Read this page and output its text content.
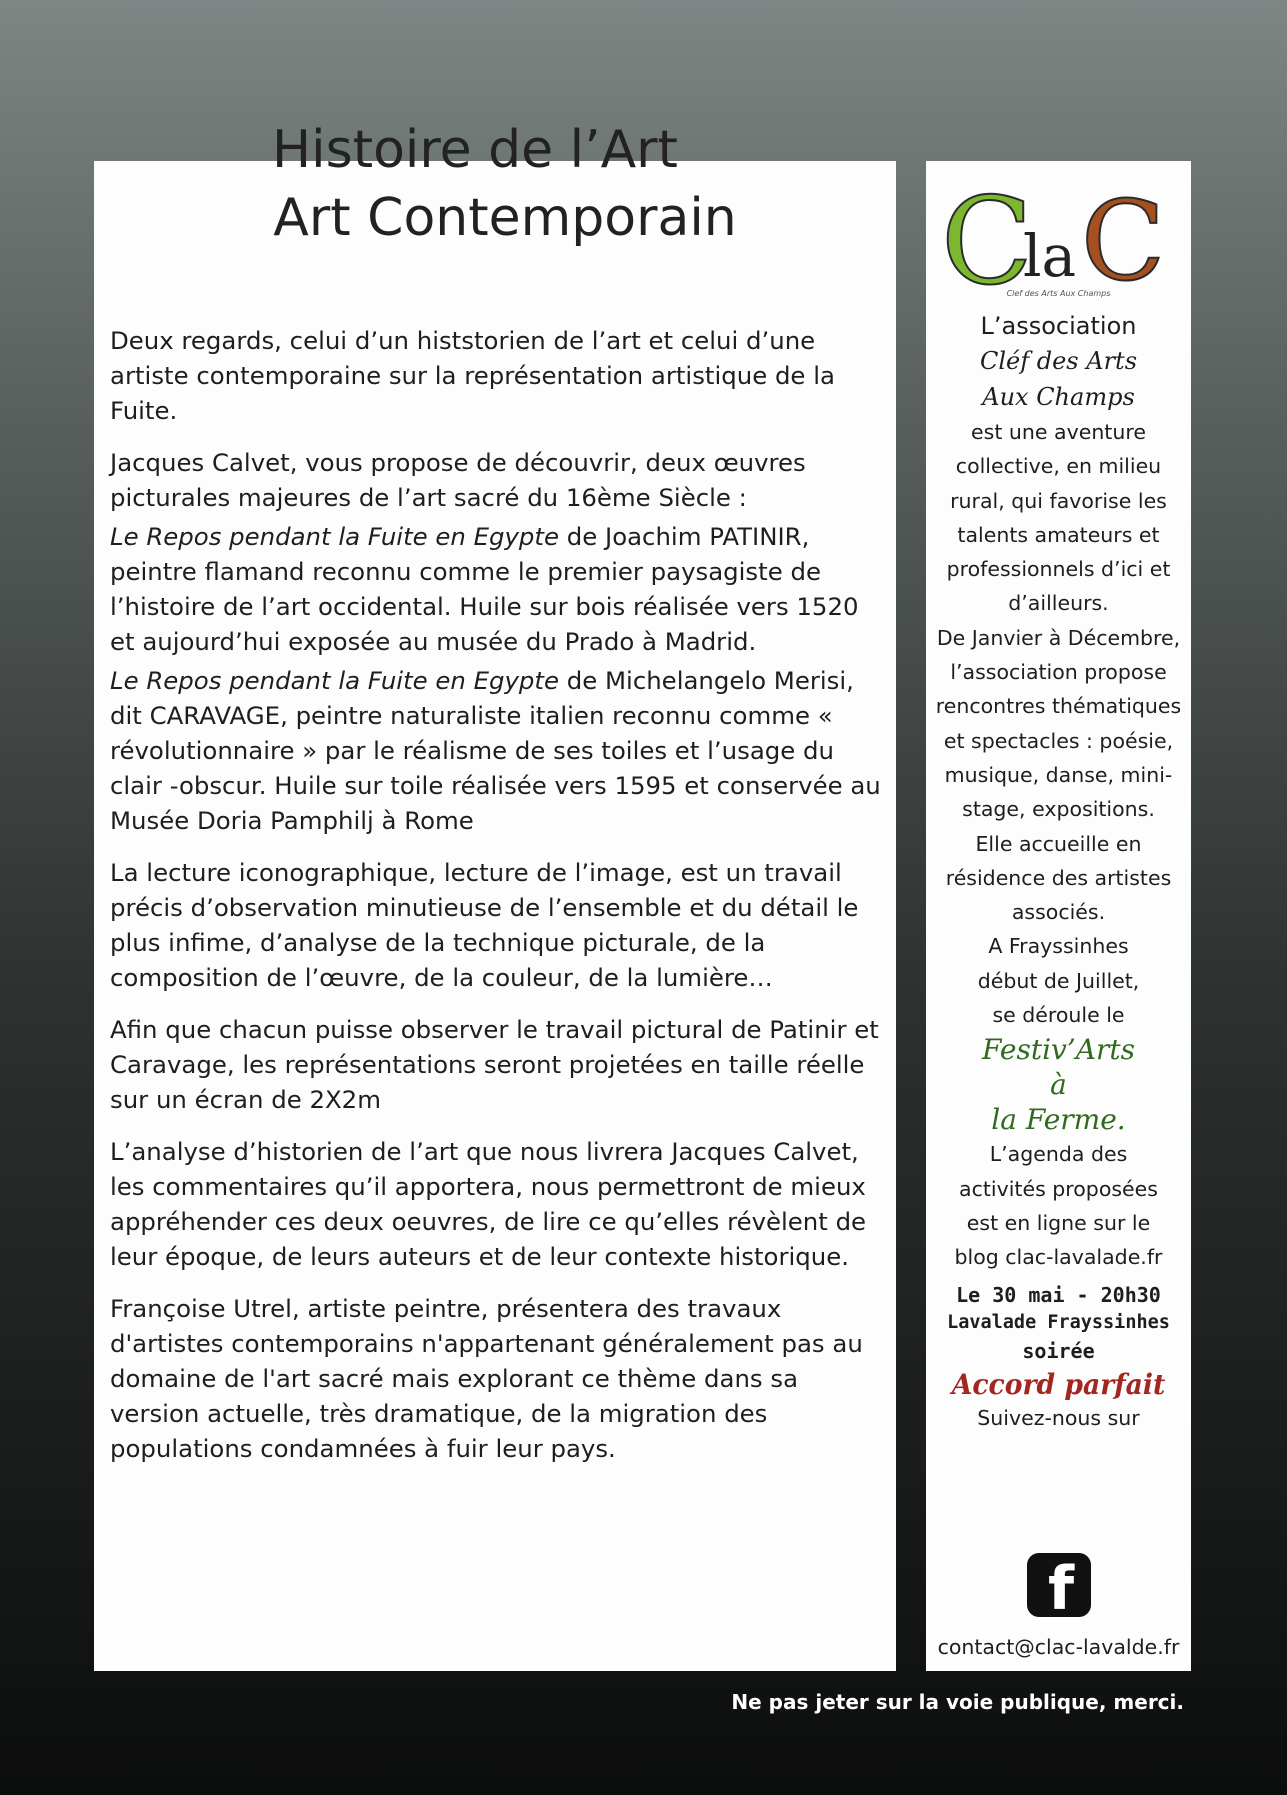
Histoire de l’Art
Art Contemporain

Deux regards, celui d’un histstorien de l’art et celui d’une artiste contemporaine sur la représentation artistique de la Fuite.

Jacques Calvet, vous propose de découvrir, deux œuvres picturales majeures de l’art sacré du 16ème Siècle :

Le Repos pendant la Fuite en Egypte de Joachim PATINIR, peintre flamand reconnu comme le premier paysagiste de l’histoire de l’art occidental. Huile sur bois réalisée vers 1520 et aujourd’hui exposée au musée du Prado à Madrid.

Le Repos pendant la Fuite en Egypte de Michelangelo Merisi, dit CARAVAGE, peintre naturaliste italien reconnu comme « révolutionnaire » par le réalisme de ses toiles et l’usage du clair -obscur. Huile sur toile réalisée vers 1595 et conservée au Musée Doria Pamphilj à Rome

La lecture iconographique, lecture de l’image, est un travail précis d’observation minutieuse de l’ensemble et du détail le plus infime, d’analyse de la technique picturale, de la composition de l’œuvre, de la couleur, de la lumière…

Afin que chacun puisse observer le travail pictural de Patinir et Caravage, les représentations seront projetées en taille réelle sur un écran de 2X2m

L’analyse d’historien de l’art que nous livrera Jacques Calvet, les commentaires qu’il apportera, nous permettront de mieux appréhender ces deux oeuvres, de lire ce qu’elles révèlent de leur époque, de leurs auteurs et de leur contexte historique.

Françoise Utrel, artiste peintre, présentera des travaux d'artistes contemporains n'appartenant généralement pas au domaine de l'art sacré mais explorant ce thème dans sa version actuelle, très dramatique, de la migration des populations condamnées à fuir leur pays.

C
la C
Clef des Arts Aux Champs
L’association
Cléf des Arts
Aux Champs
est une aventure collective, en milieu rural, qui favorise les talents amateurs et professionnels d’ici et d’ailleurs.
De Janvier à Décembre, l’association propose rencontres thématiques et spectacles : poésie, musique, danse, mini-stage, expositions.
Elle accueille en résidence des artistes associés.
A Frayssinhes début de Juillet, se déroule le
Festiv’Arts
à
la Ferme.
L’agenda des activités proposées est en ligne sur le blog clac-lavalade.fr
Le 30 mai - 20h30
Lavalade Frayssinhes
soirée
Accord parfait
Suivez-nous sur
f
contact@clac-lavalde.fr
Ne pas jeter sur la voie publique, merci.
